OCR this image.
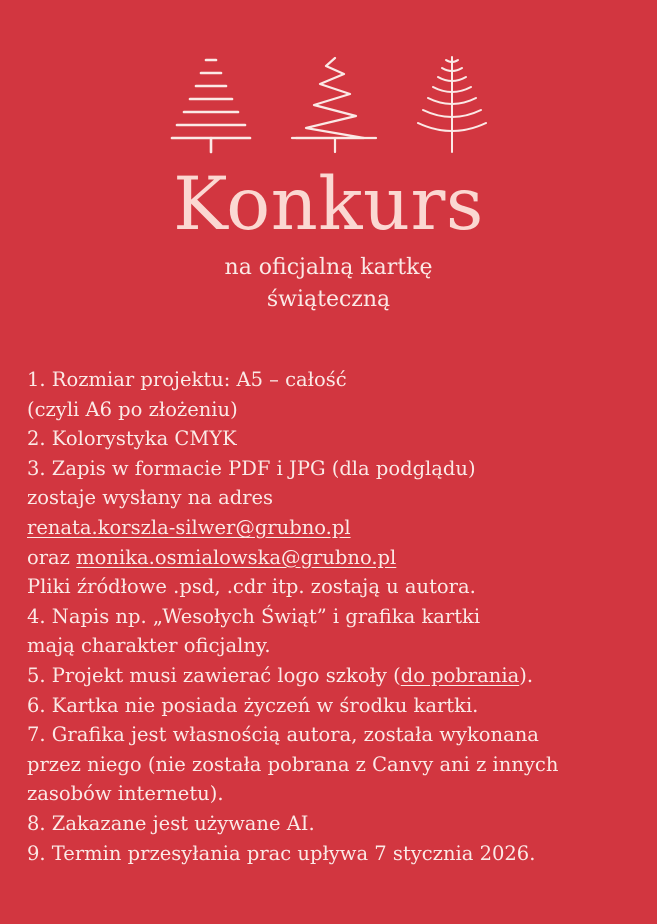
Konkurs
na oficjalną kartkę
świąteczną
1. Rozmiar projektu: A5 – całość
(czyli A6 po złożeniu)
2. Kolorystyka CMYK
3. Zapis w formacie PDF i JPG (dla podglądu)
zostaje wysłany na adres
renata.korszla-silwer@grubno.pl
oraz monika.osmialowska@grubno.pl
Pliki źródłowe .psd, .cdr itp. zostają u autora.
4. Napis np. „Wesołych Świąt” i grafika kartki
mają charakter oficjalny.
5. Projekt musi zawierać logo szkoły (do pobrania).
6. Kartka nie posiada życzeń w środku kartki.
7. Grafika jest własnością autora, została wykonana
przez niego (nie została pobrana z Canvy ani z innych
zasobów internetu).
8. Zakazane jest używane AI.
9. Termin przesyłania prac upływa 7 stycznia 2026.
